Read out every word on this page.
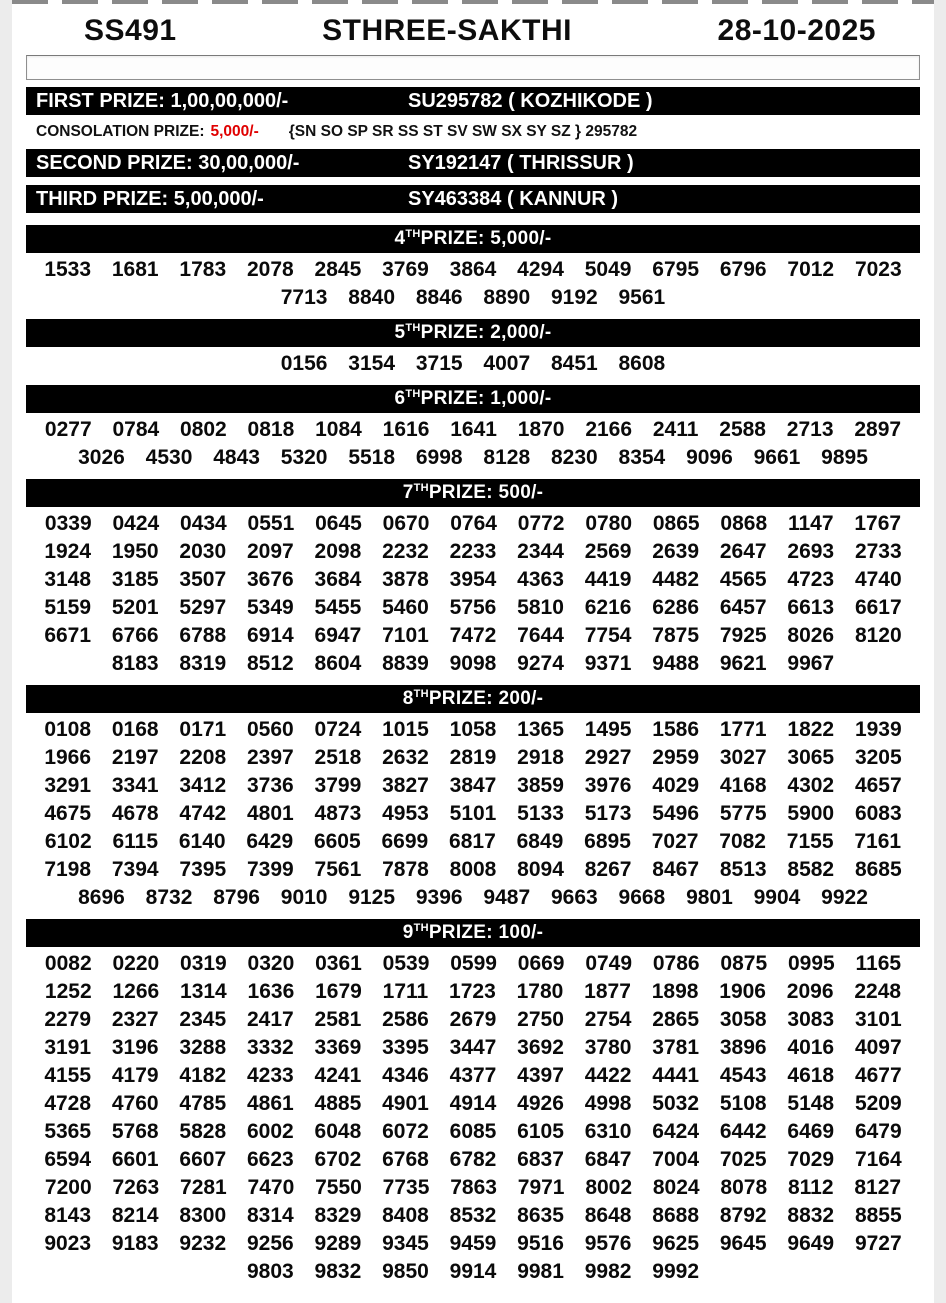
SS491	STHREE-SAKTHI	28-10-2025
FIRST PRIZE: 1,00,00,000/-	SU295782 ( KOZHIKODE )
CONSOLATION PRIZE: 5,000/- {SN SO SP SR SS ST SV SW SX SY SZ } 295782
SECOND PRIZE: 30,00,000/-	SY192147 ( THRISSUR )
THIRD PRIZE: 5,00,000/-	SY463384 ( KANNUR )
4TH PRIZE: 5,000/-
1533 1681 1783 2078 2845 3769 3864 4294 5049 6795 6796 7012 7023
7713 8840 8846 8890 9192 9561
5TH PRIZE: 2,000/-
0156 3154 3715 4007 8451 8608
6TH PRIZE: 1,000/-
0277 0784 0802 0818 1084 1616 1641 1870 2166 2411 2588 2713 2897
3026 4530 4843 5320 5518 6998 8128 8230 8354 9096 9661 9895
7TH PRIZE: 500/-
0339 0424 0434 0551 0645 0670 0764 0772 0780 0865 0868 1147 1767
1924 1950 2030 2097 2098 2232 2233 2344 2569 2639 2647 2693 2733
3148 3185 3507 3676 3684 3878 3954 4363 4419 4482 4565 4723 4740
5159 5201 5297 5349 5455 5460 5756 5810 6216 6286 6457 6613 6617
6671 6766 6788 6914 6947 7101 7472 7644 7754 7875 7925 8026 8120
8183 8319 8512 8604 8839 9098 9274 9371 9488 9621 9967
8TH PRIZE: 200/-
0108 0168 0171 0560 0724 1015 1058 1365 1495 1586 1771 1822 1939
1966 2197 2208 2397 2518 2632 2819 2918 2927 2959 3027 3065 3205
3291 3341 3412 3736 3799 3827 3847 3859 3976 4029 4168 4302 4657
4675 4678 4742 4801 4873 4953 5101 5133 5173 5496 5775 5900 6083
6102 6115 6140 6429 6605 6699 6817 6849 6895 7027 7082 7155 7161
7198 7394 7395 7399 7561 7878 8008 8094 8267 8467 8513 8582 8685
8696 8732 8796 9010 9125 9396 9487 9663 9668 9801 9904 9922
9TH PRIZE: 100/-
0082 0220 0319 0320 0361 0539 0599 0669 0749 0786 0875 0995 1165
1252 1266 1314 1636 1679 1711 1723 1780 1877 1898 1906 2096 2248
2279 2327 2345 2417 2581 2586 2679 2750 2754 2865 3058 3083 3101
3191 3196 3288 3332 3369 3395 3447 3692 3780 3781 3896 4016 4097
4155 4179 4182 4233 4241 4346 4377 4397 4422 4441 4543 4618 4677
4728 4760 4785 4861 4885 4901 4914 4926 4998 5032 5108 5148 5209
5365 5768 5828 6002 6048 6072 6085 6105 6310 6424 6442 6469 6479
6594 6601 6607 6623 6702 6768 6782 6837 6847 7004 7025 7029 7164
7200 7263 7281 7470 7550 7735 7863 7971 8002 8024 8078 8112 8127
8143 8214 8300 8314 8329 8408 8532 8635 8648 8688 8792 8832 8855
9023 9183 9232 9256 9289 9345 9459 9516 9576 9625 9645 9649 9727
9803 9832 9850 9914 9981 9982 9992
